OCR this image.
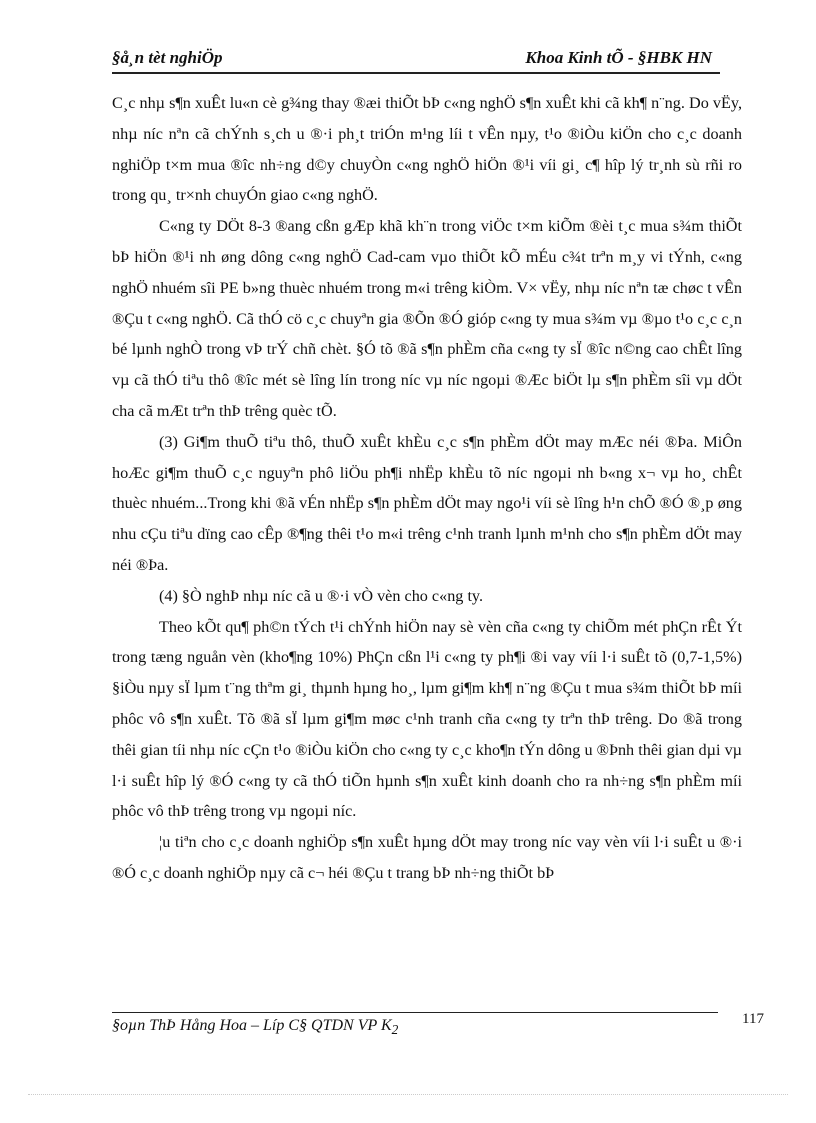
§å¸n tèt nghiÖp	Khoa Kinh tÕ - §HBK HN

C¸c nhµ s¶n xuÊt lu«n cè g¾ng thay ®æi thiÕt bÞ c«ng nghÖ s¶n xuÊt khi cã kh¶ n¨ng. Do vËy, nhµ níc nªn cã chÝnh s¸ch u ®·i ph¸t triÓn m¹ng líi t vÊn nµy, t¹o ®iÒu kiÖn cho c¸c doanh nghiÖp t×m mua ®îc nh÷ng d©y chuyÒn c«ng nghÖ hiÖn ®¹i víi gi¸ c¶ hîp lý tr¸nh sù rñi ro trong qu¸ tr×nh chuyÓn giao c«ng nghÖ.

C«ng ty DÖt 8-3 ®ang cßn gÆp khã kh¨n trong viÖc t×m kiÕm ®èi t¸c mua s¾m thiÕt bÞ hiÖn ®¹i nh øng dông c«ng nghÖ Cad-cam vµo thiÕt kÕ mÉu c¾t trªn m¸y vi tÝnh, c«ng nghÖ nhuém sîi PE b»ng thuèc nhuém trong m«i trêng kiÒm. V× vËy, nhµ níc nªn tæ chøc t vÊn ®Çu t c«ng nghÖ. Cã thÓ cö c¸c chuyªn gia ®Õn ®Ó gióp c«ng ty mua s¾m vµ ®µo t¹o c¸c c¸n bé lµnh nghÒ trong vÞ trÝ chñ chèt. §Ó tõ ®ã s¶n phÈm cña c«ng ty sÏ ®îc n©ng cao chÊt lîng vµ cã thÓ tiªu thô ®îc mét sè lîng lín trong níc vµ níc ngoµi ®Æc biÖt lµ s¶n phÈm sîi vµ dÖt cha cã mÆt trªn thÞ trêng quèc tÕ.

(3) Gi¶m thuÕ tiªu thô, thuÕ xuÊt khÈu c¸c s¶n phÈm dÖt may mÆc néi ®Þa. MiÔn hoÆc gi¶m thuÕ c¸c nguyªn phô liÖu ph¶i nhËp khÈu tõ níc ngoµi nh b«ng x¬ vµ ho¸ chÊt thuèc nhuém...Trong khi ®ã vÉn nhËp s¶n phÈm dÖt may ngo¹i víi sè lîng h¹n chÕ ®Ó ®¸p øng nhu cÇu tiªu dïng cao cÊp ®¶ng thêi t¹o m«i trêng c¹nh tranh lµnh m¹nh cho s¶n phÈm dÖt may néi ®Þa.

(4) §Ò nghÞ nhµ níc cã u ®·i vÒ vèn cho c«ng ty.

Theo kÕt qu¶ ph©n tÝch t¹i chÝnh hiÖn nay sè vèn cña c«ng ty chiÕm mét phÇn rÊt Ýt trong tæng nguån vèn (kho¶ng 10%) PhÇn cßn l¹i c«ng ty ph¶i ®i vay víi l·i suÊt tõ (0,7-1,5%) §iÒu nµy sÏ lµm t¨ng thªm gi¸ thµnh hµng ho¸, lµm gi¶m kh¶ n¨ng ®Çu t mua s¾m thiÕt bÞ míi phôc vô s¶n xuÊt. Tõ ®ã sÏ lµm gi¶m møc c¹nh tranh cña c«ng ty trªn thÞ trêng. Do ®ã trong thêi gian tíi nhµ níc cÇn t¹o ®iÒu kiÖn cho c«ng ty c¸c kho¶n tÝn dông u ®Þnh thêi gian dµi vµ l·i suÊt hîp lý ®Ó c«ng ty cã thÓ tiÕn hµnh s¶n xuÊt kinh doanh cho ra nh÷ng s¶n phÈm míi phôc vô thÞ trêng trong vµ ngoµi níc.

¦u tiªn cho c¸c doanh nghiÖp s¶n xuÊt hµng dÖt may trong níc vay vèn víi l·i suÊt u ®·i ®Ó c¸c doanh nghiÖp nµy cã c¬ héi ®Çu t trang bÞ nh÷ng thiÕt bÞ

§oµn ThÞ Hång Hoa – Líp C§ QTDN VP $K_2$
117
